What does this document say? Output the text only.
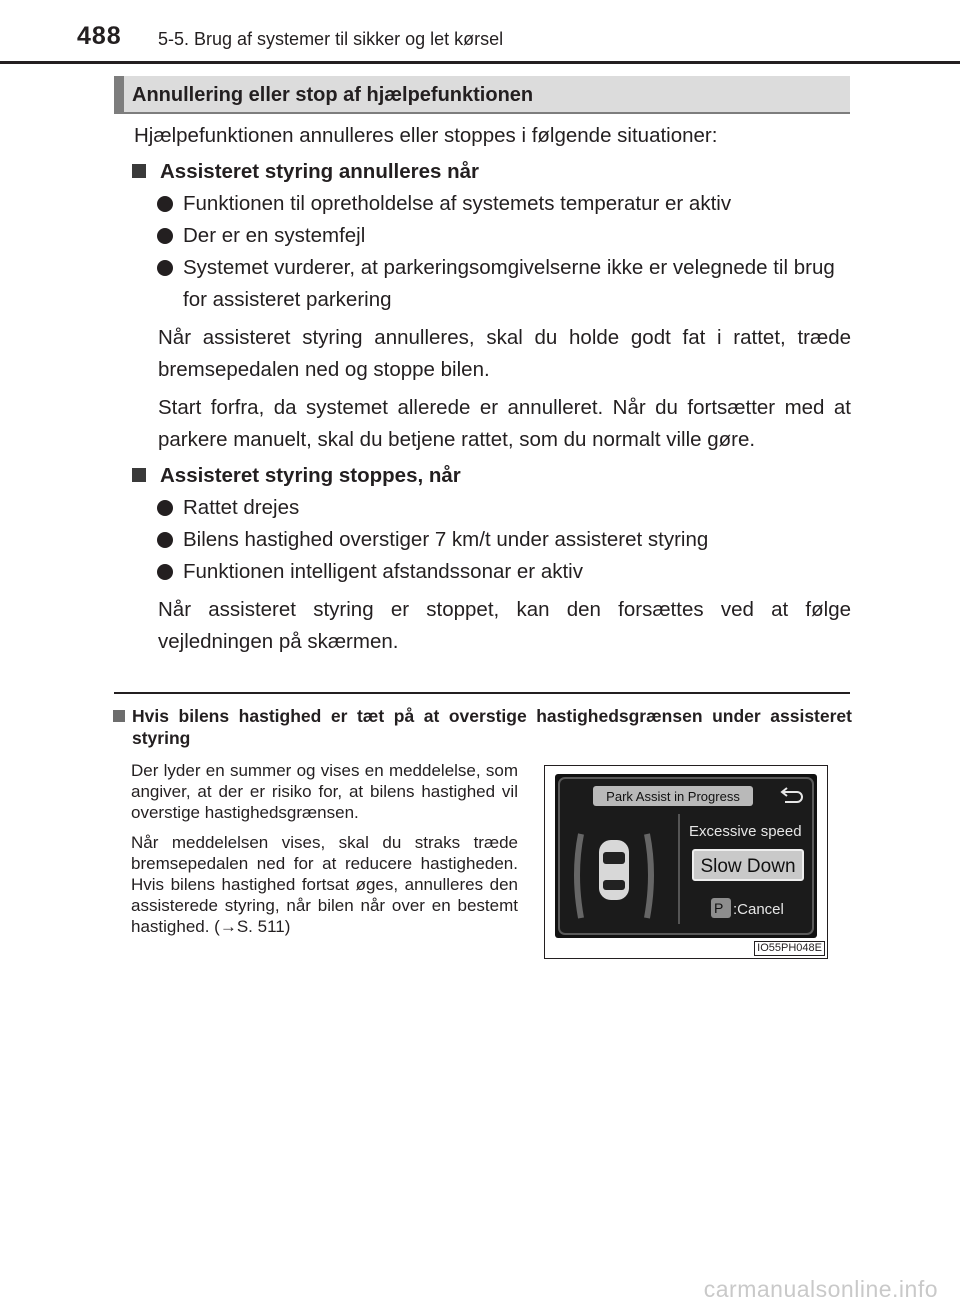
488 5-5. Brug af systemer til sikker og let kørsel
Annullering eller stop af hjælpefunktionen

Hjælpefunktionen annulleres eller stoppes i følgende situationer:

Assisteret styring annulleres når

Funktionen til opretholdelse af systemets temperatur er aktiv

Der er en systemfejl

Systemet vurderer, at parkeringsomgivelserne ikke er velegnede til brug for assisteret parkering

Når assisteret styring annulleres, skal du holde godt fat i rattet, træde bremsepedalen ned og stoppe bilen.

Start forfra, da systemet allerede er annulleret. Når du fortsætter med at parkere manuelt, skal du betjene rattet, som du normalt ville gøre.

Assisteret styring stoppes, når

Rattet drejes

Bilens hastighed overstiger 7 km/t under assisteret styring

Funktionen intelligent afstandssonar er aktiv

Når assisteret styring er stoppet, kan den forsættes ved at følge vejledningen på skærmen.

Hvis bilens hastighed er tæt på at overstige hastighedsgrænsen under assisteret styring

Der lyder en summer og vises en meddelelse, som angiver, at der er risiko for, at bilens hastighed vil overstige hastighedsgrænsen.

Når meddelelsen vises, skal du straks træde bremsepedalen ned for at reducere hastigheden. Hvis bilens hastighed fortsat øges, annulleres den assisterede styring, når bilen når over en bestemt hastighed. (→S. 511)

Park Assist in Progress
Excessive speed
Slow Down
P :Cancel
IO55PH048E
carmanualsonline.info
